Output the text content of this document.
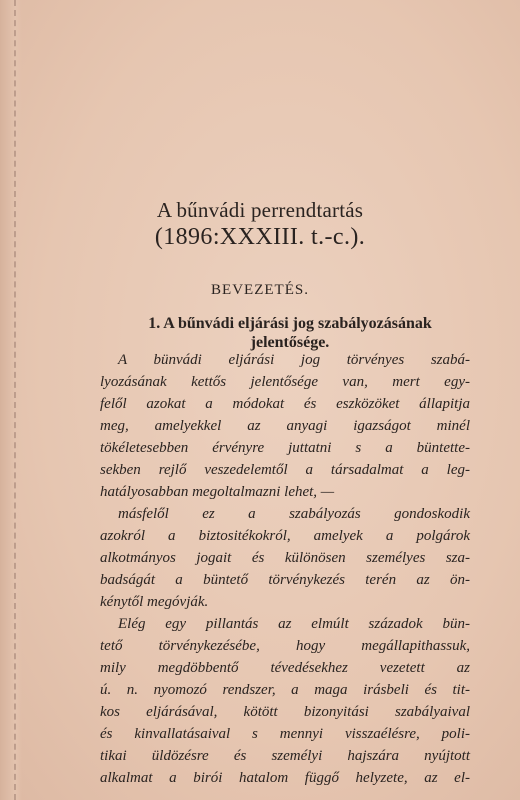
A bűnvádi perrendtartás
(1896:XXXIII. t.-c.).
BEVEZETÉS.
1. A bűnvádi eljárási jog szabályozásának
jelentősége.
A bünvádi eljárási jog törvényes szabá-
lyozásának kettős jelentősége van, mert egy-
felől azokat a módokat és eszközöket állapitja
meg, amelyekkel az anyagi igazságot minél
tökéletesebben érvényre juttatni s a büntette-
sekben rejlő veszedelemtől a társadalmat a leg-
hatályosabban megoltalmazni lehet, —
másfelől ez a szabályozás gondoskodik
azokról a biztositékokról, amelyek a polgárok
alkotmányos jogait és különösen személyes sza-
badságát a büntető törvénykezés terén az ön-
kénytől megóvják.
Elég egy pillantás az elmúlt századok bün-
tető törvénykezésébe, hogy megállapithassuk,
mily megdöbbentő tévedésekhez vezetett az
ú. n. nyomozó rendszer, a maga irásbeli és tit-
kos eljárásával, kötött bizonyitási szabályaival
és kinvallatásaival s mennyi visszaélésre, poli-
tikai üldözésre és személyi hajszára nyújtott
alkalmat a birói hatalom függő helyzete, az el-
